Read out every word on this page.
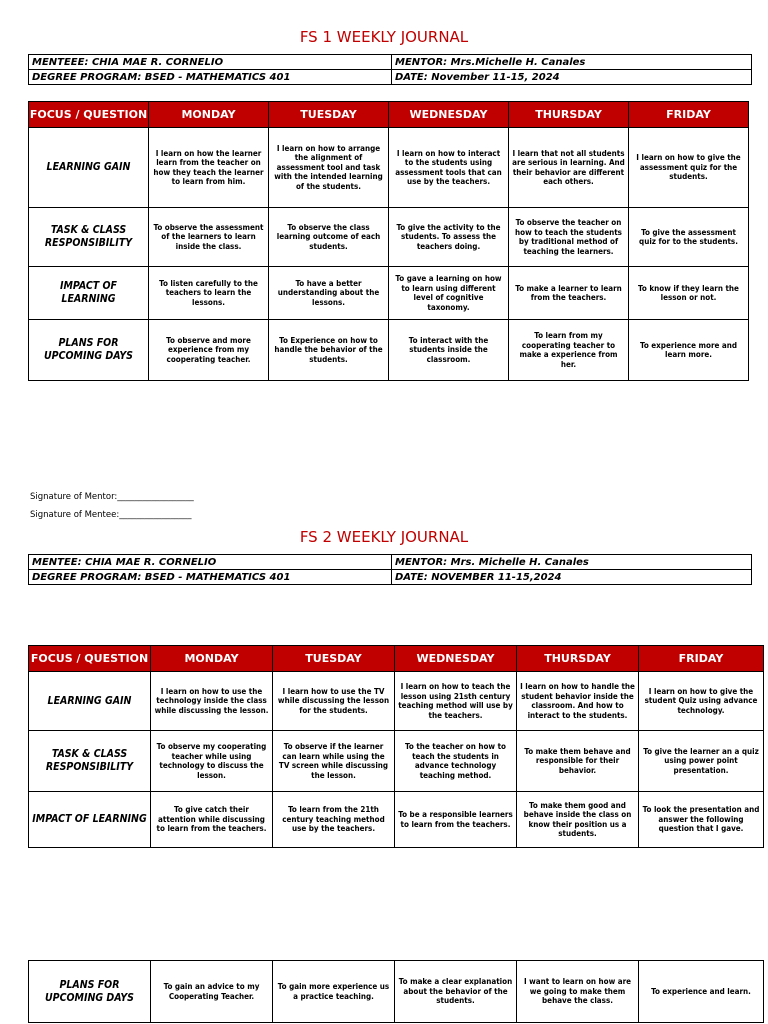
FS 1 WEEKLY JOURNAL
MENTEEE: CHIA MAE R. CORNELIO	MENTOR: Mrs.Michelle H. Canales
DEGREE PROGRAM: BSED - MATHEMATICS 401	DATE: November 11-15, 2024
FOCUS / QUESTION	MONDAY	TUESDAY	WEDNESDAY	THURSDAY	FRIDAY
LEARNING GAIN	I learn on how the learner learn from the teacher on how they teach the learner to learn from him.	I learn on how to arrange the alignment of assessment tool and task with the intended learning of the students.	I learn on how to interact to the students using assessment tools that can use by the teachers.	I learn that not all students are serious in learning. And their behavior are different each others.	I learn on how to give the assessment quiz for the students.
TASK & CLASS RESPONSIBILITY	To observe the assessment of the learners to learn inside the class.	To observe the class learning outcome of each students.	To give the activity to the students. To assess the teachers doing.	To observe the teacher on how to teach the students by traditional method of teaching the learners.	To give the assessment quiz for to the students.
IMPACT OF LEARNING	To listen carefully to the teachers to learn the lessons.	To have a better understanding about the lessons.	To gave a learning on how to learn using different level of cognitive taxonomy.	To make a learner to learn from the teachers.	To know if they learn the lesson or not.
PLANS FOR UPCOMING DAYS	To observe and more experience from my cooperating teacher.	To Experience on how to handle the behavior of the students.	To interact with the students inside the classroom.	To learn from my cooperating teacher to make a experience from her.	To experience more and learn more.
Signature of Mentor:__________________
Signature of Mentee:_________________
FS 2 WEEKLY JOURNAL
MENTEE: CHIA MAE R. CORNELIO	MENTOR: Mrs. Michelle H. Canales
DEGREE PROGRAM: BSED - MATHEMATICS 401	DATE: NOVEMBER 11-15,2024
FOCUS / QUESTION	MONDAY	TUESDAY	WEDNESDAY	THURSDAY	FRIDAY
LEARNING GAIN	I learn on how to use the technology inside the class while discussing the lesson.	I learn how to use the TV while discussing the lesson for the students.	I learn on how to teach the lesson using 21sth century teaching method will use by the teachers.	I learn on how to handle the student behavior inside the classroom. And how to interact to the students.	I learn on how to give the student Quiz using advance technology.
TASK & CLASS RESPONSIBILITY	To observe my cooperating teacher while using technology to discuss the lesson.	To observe if the learner can learn while using the TV screen while discussing the lesson.	To the teacher on how to teach the students in advance technology teaching method.	To make them behave and responsible for their behavior.	To give the learner an a quiz using power point presentation.
IMPACT OF LEARNING	To give catch their attention while discussing to learn from the teachers.	To learn from the 21th century teaching method use by the teachers.	To be a responsible learners to learn from the teachers.	To make them good and behave inside the class on know their position us a students.	To look the presentation and answer the following question that I gave.
PLANS FOR UPCOMING DAYS	To gain an advice to my Cooperating Teacher.	To gain more experience us a practice teaching.	To make a clear explanation about the behavior of the students.	I want to learn on how are we going to make them behave the class.	To experience and learn.
